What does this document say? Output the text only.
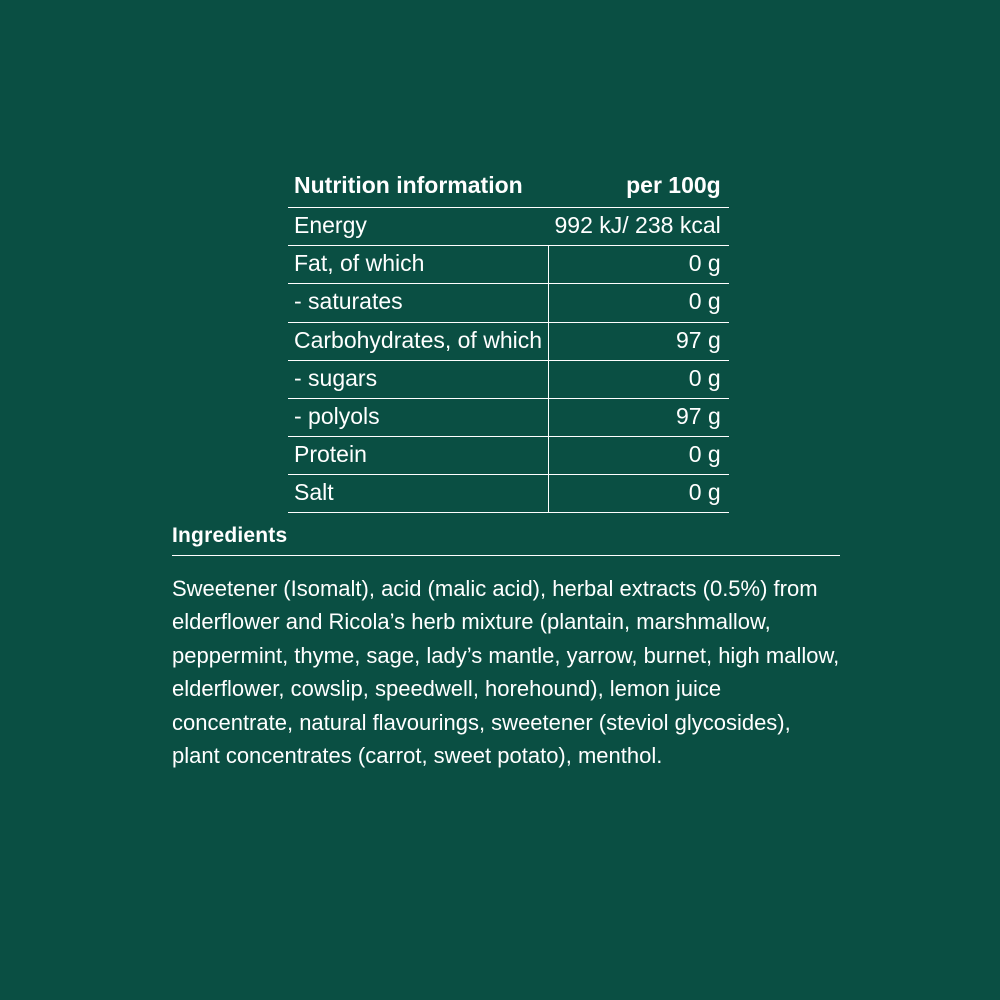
Nutrition information	per 100g
Energy	992 kJ/ 238 kcal
Fat, of which	0 g
- saturates	0 g
Carbohydrates, of which	97 g
- sugars	0 g
- polyols	97 g
Protein	0 g
Salt	0 g
Ingredients
Sweetener (Isomalt), acid (malic acid), herbal extracts (0.5%) from elderflower and Ricola’s herb mixture (plantain, marshmallow, peppermint, thyme, sage, lady’s mantle, yarrow, burnet, high mallow, elderflower, cowslip, speedwell, horehound), lemon juice concentrate, natural flavourings, sweetener (steviol glycosides), plant concentrates (carrot, sweet potato), menthol.
